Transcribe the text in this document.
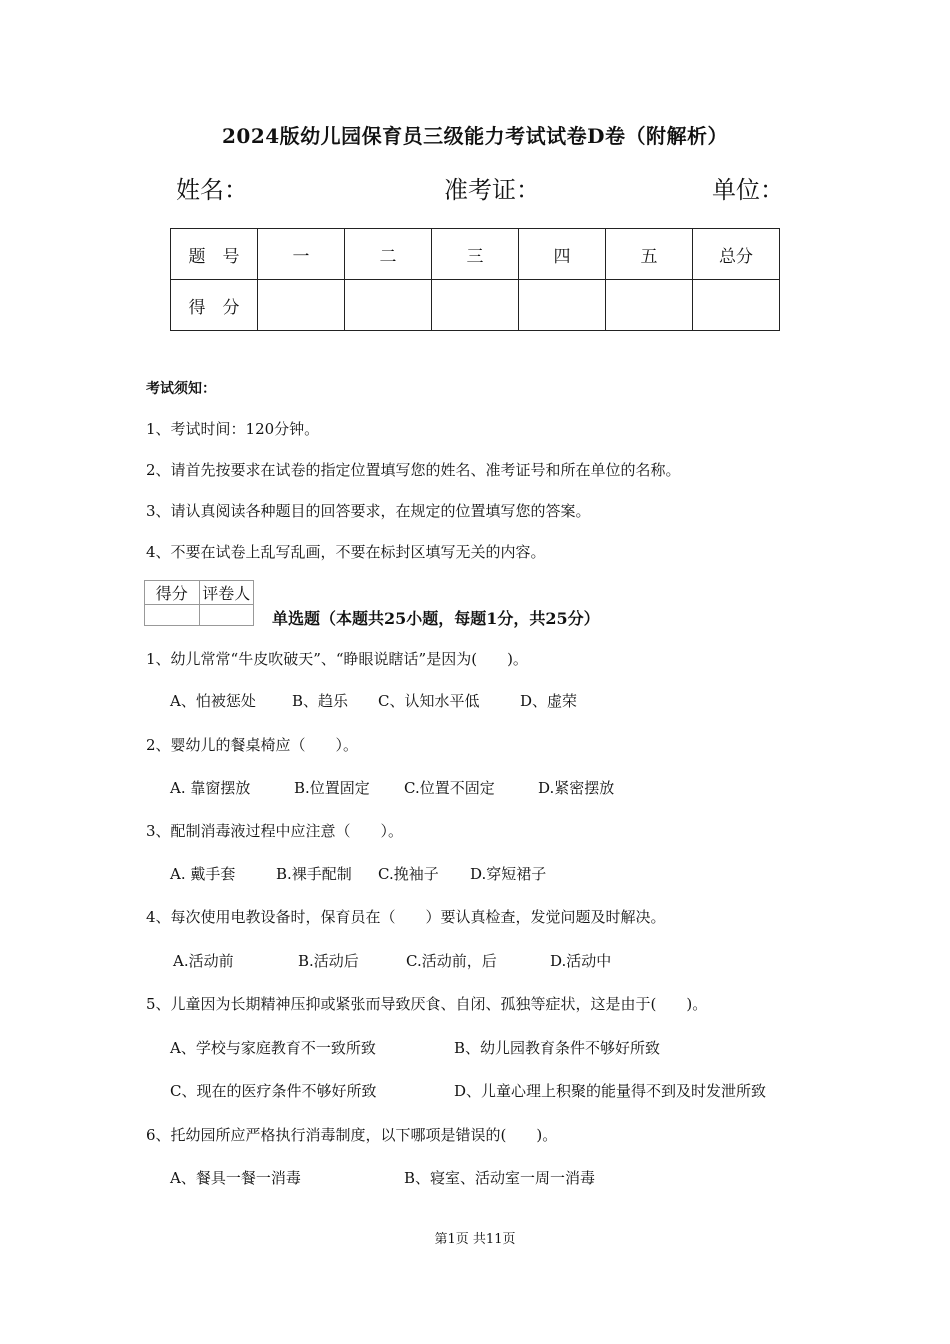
2024版幼儿园保育员三级能力考试试卷D卷（附解析）
姓名：	准考证：	单位：
题　号	一	二	三	四	五	总分
得　分						
考试须知：
1、考试时间：120分钟。
2、请首先按要求在试卷的指定位置填写您的姓名、准考证号和所在单位的名称。
3、请认真阅读各种题目的回答要求，在规定的位置填写您的答案。
4、不要在试卷上乱写乱画，不要在标封区填写无关的内容。
得分	评卷人

单选题（本题共25小题，每题1分，共25分）
1、幼儿常常“牛皮吹破天”、“睁眼说瞎话”是因为(　　)。
A、怕被惩处 B、趋乐 C、认知水平低	D、虚荣
2、婴幼儿的餐桌椅应（　　）。
A. 靠窗摆放	B.位置固定 C.位置不固定	D.紧密摆放
3、配制消毒液过程中应注意（　　）。
A. 戴手套	B.裸手配制 C.挽袖子 D.穿短裙子
4、每次使用电教设备时，保育员在（　　）要认真检查，发觉问题及时解决。
A.活动前	B.活动后	C.活动前，后	D.活动中
5、儿童因为长期精神压抑或紧张而导致厌食、自闭、孤独等症状，这是由于(　　)。
A、学校与家庭教育不一致所致	B、幼儿园教育条件不够好所致
C、现在的医疗条件不够好所致	D、儿童心理上积聚的能量得不到及时发泄所致
6、托幼园所应严格执行消毒制度，以下哪项是错误的(　　)。
A、餐具一餐一消毒	B、寝室、活动室一周一消毒
第1页 共11页
